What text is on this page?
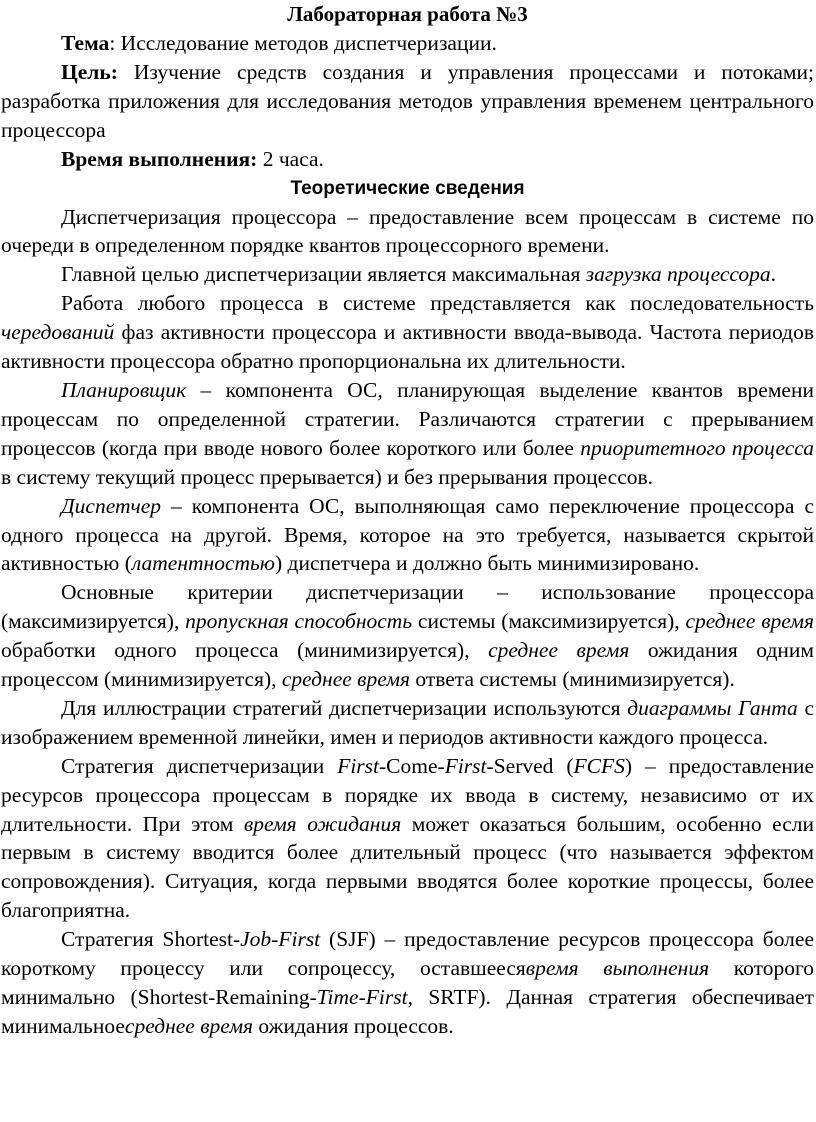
Лабораторная работа №3

Тема: Исследование методов диспетчеризации.

Цель: Изучение средств создания и управления процессами и потоками; разработка приложения для исследования методов управления временем центрального процессора

Время выполнения: 2 часа.

Теоретические сведения

Диспетчеризация процессора – предоставление всем процессам в системе по очереди в определенном порядке квантов процессорного времени.

Главной целью диспетчеризации является максимальная загрузка процессора.

Работа любого процесса в системе представляется как последовательность чередований фаз активности процессора и активности ввода-вывода. Частота периодов активности процессора обратно пропорциональна их длительности.

Планировщик – компонента ОС, планирующая выделение квантов времени процессам по определенной стратегии. Различаются стратегии с прерыванием процессов (когда при вводе нового более короткого или более приоритетного процесса в систему текущий процесс прерывается) и без прерывания процессов.

Диспетчер – компонента ОС, выполняющая само переключение процессора с одного процесса на другой. Время, которое на это требуется, называется скрытой активностью (латентностью) диспетчера и должно быть минимизировано.

Основные критерии диспетчеризации – использование процессора (максимизируется), пропускная способность системы (максимизируется), среднее время обработки одного процесса (минимизируется), среднее время ожидания одним процессом (минимизируется), среднее время ответа системы (минимизируется).

Для иллюстрации стратегий диспетчеризации используются диаграммы Ганта с изображением временной линейки, имен и периодов активности каждого процесса.

Стратегия диспетчеризации First-Come-First-Served (FCFS) – предоставление ресурсов процессора процессам в порядке их ввода в систему, независимо от их длительности. При этом время ожидания может оказаться большим, особенно если первым в систему вводится более длительный процесс (что называется эффектом сопровождения). Ситуация, когда первыми вводятся более короткие процессы, более благоприятна.

Стратегия Shortest-Job-First (SJF) – предоставление ресурсов процессора более короткому процессу или сопроцессу, оставшеесявремя выполнения которого минимально (Shortest-Remaining-Time-First, SRTF). Данная стратегия обеспечивает минимальноесреднее время ожидания процессов.
